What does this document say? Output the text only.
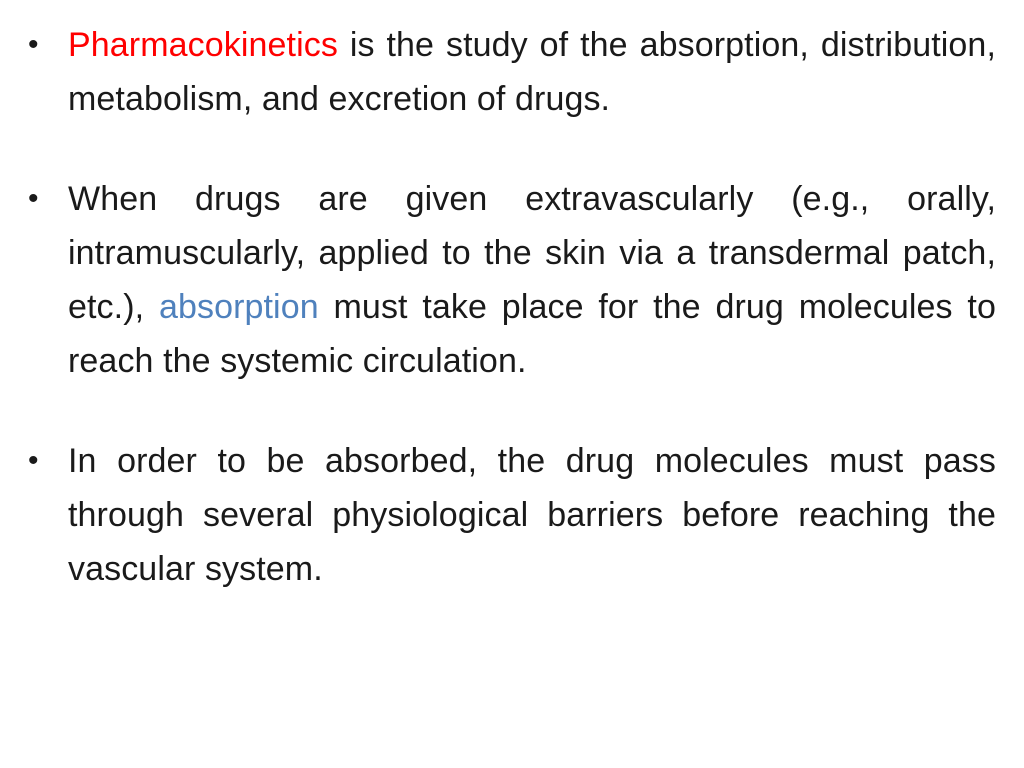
• Pharmacokinetics is the study of the absorption, distribution, metabolism, and excretion of drugs.
• When drugs are given extravascularly (e.g., orally, intramuscularly, applied to the skin via a transdermal patch, etc.), absorption must take place for the drug molecules to reach the systemic circulation.
• In order to be absorbed, the drug molecules must pass through several physiological barriers before reaching the vascular system.
